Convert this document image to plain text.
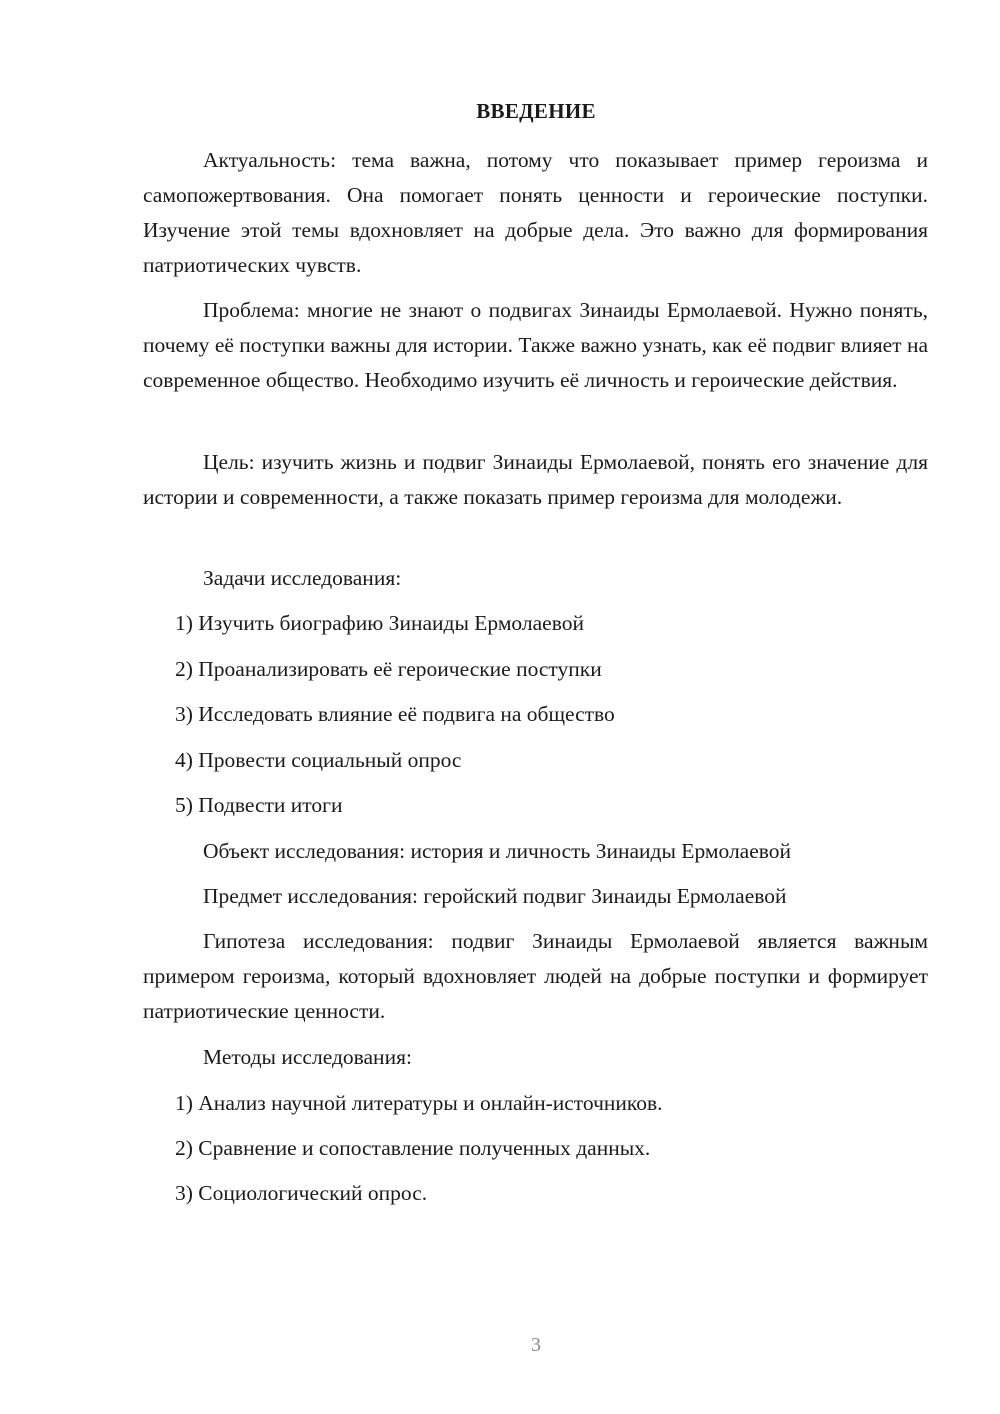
ВВЕДЕНИЕ

Актуальность: тема важна, потому что показывает пример героизма и самопожертвования. Она помогает понять ценности и героические поступки. Изучение этой темы вдохновляет на добрые дела. Это важно для формирования патриотических чувств.

Проблема: многие не знают о подвигах Зинаиды Ермолаевой. Нужно понять, почему её поступки важны для истории. Также важно узнать, как её подвиг влияет на современное общество. Необходимо изучить её личность и героические действия.

Цель: изучить жизнь и подвиг Зинаиды Ермолаевой, понять его значение для истории и современности, а также показать пример героизма для молодежи.

Задачи исследования:

1) Изучить биографию Зинаиды Ермолаевой

2) Проанализировать её героические поступки

3) Исследовать влияние её подвига на общество

4) Провести социальный опрос

5) Подвести итоги

Объект исследования: история и личность Зинаиды Ермолаевой

Предмет исследования: геройский подвиг Зинаиды Ермолаевой

Гипотеза исследования: подвиг Зинаиды Ермолаевой является важным примером героизма, который вдохновляет людей на добрые поступки и формирует патриотические ценности.

Методы исследования:

1) Анализ научной литературы и онлайн-источников.

2) Сравнение и сопоставление полученных данных.

3) Социологический опрос.

3
